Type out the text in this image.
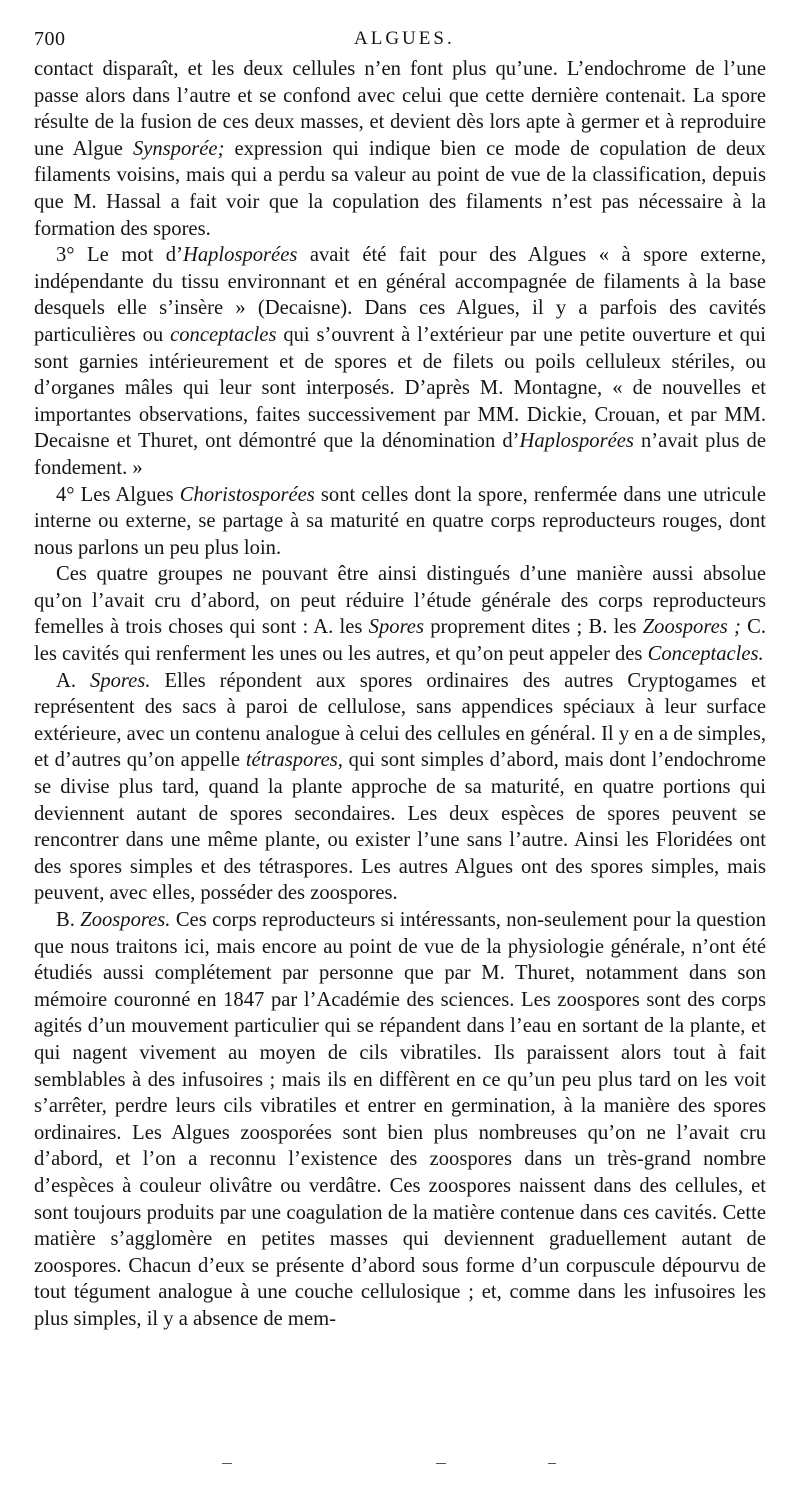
700	ALGUES.

contact disparaît, et les deux cellules n’en font plus qu’une. L’endochrome de l’une passe alors dans l’autre et se confond avec celui que cette dernière contenait. La spore résulte de la fusion de ces deux masses, et devient dès lors apte à germer et à reproduire une Algue Synsporée; expression qui indique bien ce mode de copulation de deux filaments voisins, mais qui a perdu sa valeur au point de vue de la classification, depuis que M. Hassal a fait voir que la copulation des filaments n’est pas nécessaire à la formation des spores.

3° Le mot d’Haplosporées avait été fait pour des Algues « à spore externe, indépendante du tissu environnant et en général accompagnée de filaments à la base desquels elle s’insère » (Decaisne). Dans ces Algues, il y a parfois des cavités particulières ou conceptacles qui s’ouvrent à l’extérieur par une petite ouverture et qui sont garnies intérieurement et de spores et de filets ou poils celluleux stériles, ou d’organes mâles qui leur sont interposés. D’après M. Montagne, « de nouvelles et importantes observations, faites successivement par MM. Dickie, Crouan, et par MM. Decaisne et Thuret, ont démontré que la dénomination d’Haplosporées n’avait plus de fondement. »

4° Les Algues Choristosporées sont celles dont la spore, renfermée dans une utricule interne ou externe, se partage à sa maturité en quatre corps reproducteurs rouges, dont nous parlons un peu plus loin.

Ces quatre groupes ne pouvant être ainsi distingués d’une manière aussi absolue qu’on l’avait cru d’abord, on peut réduire l’étude générale des corps reproducteurs femelles à trois choses qui sont : A. les Spores proprement dites ; B. les Zoospores ; C. les cavités qui renferment les unes ou les autres, et qu’on peut appeler des Conceptacles.

A. Spores. Elles répondent aux spores ordinaires des autres Cryptogames et représentent des sacs à paroi de cellulose, sans appendices spéciaux à leur surface extérieure, avec un contenu analogue à celui des cellules en général. Il y en a de simples, et d’autres qu’on appelle tétraspores, qui sont simples d’abord, mais dont l’endochrome se divise plus tard, quand la plante approche de sa maturité, en quatre portions qui deviennent autant de spores secondaires. Les deux espèces de spores peuvent se rencontrer dans une même plante, ou exister l’une sans l’autre. Ainsi les Floridées ont des spores simples et des tétraspores. Les autres Algues ont des spores simples, mais peuvent, avec elles, posséder des zoospores.

B. Zoospores. Ces corps reproducteurs si intéressants, non-seulement pour la question que nous traitons ici, mais encore au point de vue de la physiologie générale, n’ont été étudiés aussi complétement par personne que par M. Thuret, notamment dans son mémoire couronné en 1847 par l’Académie des sciences. Les zoospores sont des corps agités d’un mouvement particulier qui se répandent dans l’eau en sortant de la plante, et qui nagent vivement au moyen de cils vibratiles. Ils paraissent alors tout à fait semblables à des infusoires ; mais ils en diffèrent en ce qu’un peu plus tard on les voit s’arrêter, perdre leurs cils vibratiles et entrer en germination, à la manière des spores ordinaires. Les Algues zoosporées sont bien plus nombreuses qu’on ne l’avait cru d’abord, et l’on a reconnu l’existence des zoospores dans un très-grand nombre d’espèces à couleur olivâtre ou verdâtre. Ces zoospores naissent dans des cellules, et sont toujours produits par une coagulation de la matière contenue dans ces cavités. Cette matière s’agglomère en petites masses qui deviennent graduellement autant de zoospores. Chacun d’eux se présente d’abord sous forme d’un corpuscule dépourvu de tout tégument analogue à une couche cellulosique ; et, comme dans les infusoires les plus simples, il y a absence de mem-
